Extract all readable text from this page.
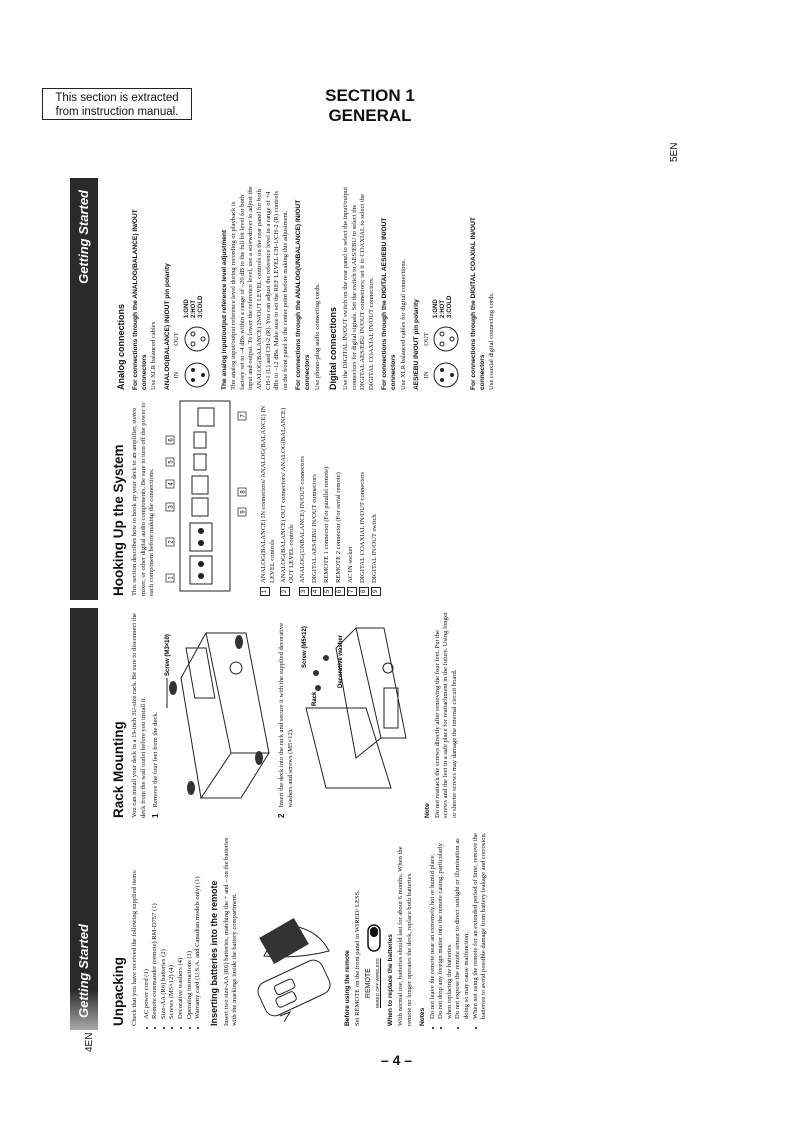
This section is extracted from instruction manual.
SECTION 1
GENERAL
5EN
4EN
– 4 –
Getting Started
Getting Started
Unpacking Check that you have received the following supplied items: • AC power cord (1) • Remote commander (remote) RM-D757 (1) • Size-AA (R6) batteries (2) • Screws (M5×12) (4) • Decorative washers (4) • Operating instructions (1) • Warranty card (U.S.A. and Canadian models only) (1) Inserting batteries into the remote Insert two size-AA (R6) batteries, matching the + and – on the batteries with the markings inside the battery compartment.	Before using the remote Set REMOTE on the front panel to WIRED/ LESS. REMOTE WIRED OFF WIRELESS	When to replace the batteries With normal use, batteries should last for about 6 months. When the remote no longer operates the deck, replace both batteries. Notes • Do not leave the remote near an extremely hot or humid place. • Do not drop any foreign matter into the remote casing, particularly when replacing the batteries. • Do not expose the remote sensor to direct sunlight or illumination as doing so may cause malfunction. • When not using the remote for an extended period of time, remove the batteries to avoid possible damage from battery leakage and corrosion.
Rack Mounting You can install your deck in a 19-inch 3U-size rack. Be sure to disconnect the deck from the wall outlet before you install it. 1
Remove the four feet from the deck.
Screw (M3×10)
2
Insert the deck into the rack and secure it with the supplied decorative washers and screws (M5×12).
Rack
Screw (M5×12)	Decorative washer
Note Do not reattach the screws directly after removing the four feet. Put the screws and the feet in a safe place for reattachment in the future. Using longer or shorter screws may damage the internal circuit board.
Hooking Up the System This section describes how to hook up your deck to an amplifier, stereo mixer, or other digital audio components. Be sure to turn off the power to each component before making the connections. 1
2
3
4
5
6
7
8
9
1
ANALOG(BALANCE) IN connectors/ ANALOG(BALANCE) IN LEVEL controls
2
ANALOG(BALANCE) OUT connectors/ ANALOG(BALANCE) OUT LEVEL controls
3
ANALOG(UNBALANCE) IN/OUT connectors
4
DIGITAL AES/EBU IN/OUT connectors
5
REMOTE 1 connector (For parallel remote)
6
REMOTE 2 connector (For serial remote)
7
AC IN socket
8
DIGITAL COAXIAL IN/OUT connectors
9
DIGITAL IN/OUT switch
Analog connections For connections through the ANALOG(BALANCE) IN/OUT connectors Use XLR balanced cables ANALOG(BALANCE) IN/OUT pin polarity IN
OUT
1:GND 2:HOT 3:COLD	The analog input/output reference level adjustment The analog input/output reference level during recording or playback is factory set to –4 dBs within a range of –20 dB to the full bit level for both input and output. To lower the reference level, use a screwdriver to adjust the ANALOG(BALANCE) IN/OUT LEVEL controls on the rear panel for both CH-1 (L) and CH-2 (R). You can adjust the reference level in a range of +4 dBs to –12 dBs. Make sure to set the REF LEVEL CH-1/CH-2 (R) controls on the front panel to the center point before making this adjustment. For connections through the ANALOG(UNBALANCE) IN/OUT connectors Use phono-plug audio connecting cords. Digital connections Use the DIGITAL IN/OUT switch on the rear panel to select the input/output connectors for digital signals. Set the switch to AES/EBU to select the DIGITAL AES/EBU IN/OUT connectors; set it to COAXIAL to select the DIGITAL COAXIAL IN/OUT connectors. For connections through the DIGITAL AES/EBU IN/OUT connectors Use XLR balanced cables for digital connections. AES/EBU IN/OUT pin polarity IN
OUT
1:GND 2:HOT 3:COLD	For connections through the DIGITAL COAXIAL IN/OUT connectors Use coaxial digital connecting cords.
